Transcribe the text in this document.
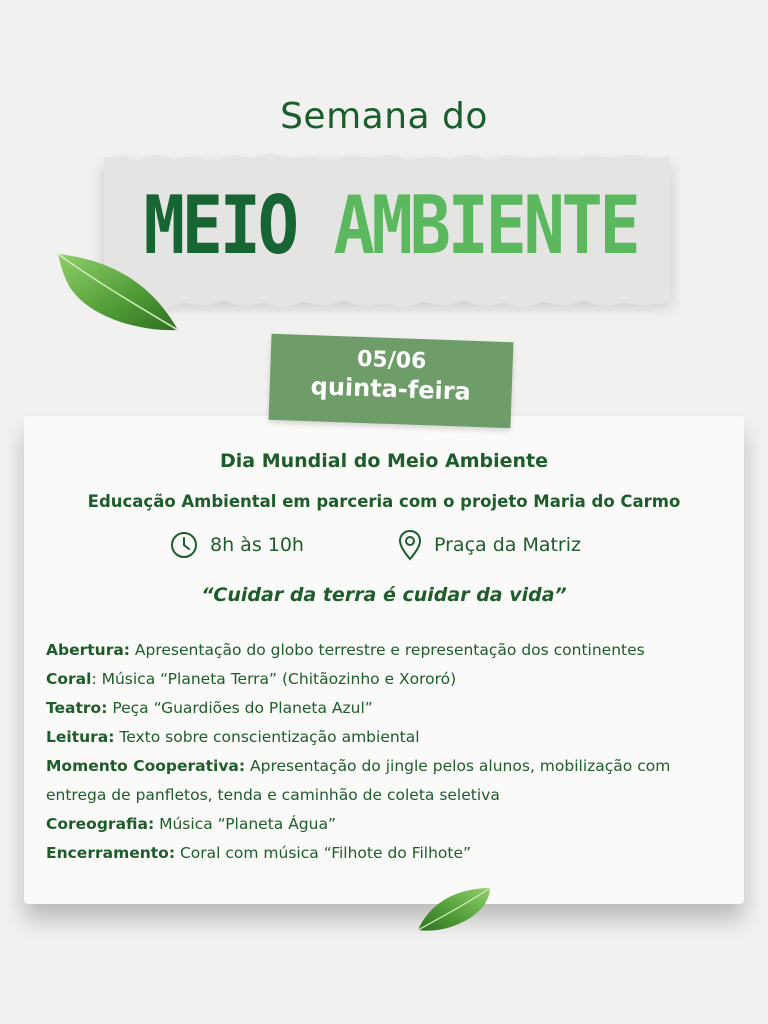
Semana do
MEIO AMBIENTE
05/06
quinta-feira
Dia Mundial do Meio Ambiente
Educação Ambiental em parceria com o projeto Maria do Carmo
8h às 10h	Praça da Matriz
“Cuidar da terra é cuidar da vida”
Abertura: Apresentação do globo terrestre e representação dos continentes
Coral: Música “Planeta Terra” (Chitãozinho e Xororó)
Teatro: Peça “Guardiões do Planeta Azul”
Leitura: Texto sobre conscientização ambiental
Momento Cooperativa: Apresentação do jingle pelos alunos, mobilização com entrega de panfletos, tenda e caminhão de coleta seletiva
Coreografia: Música “Planeta Água”
Encerramento: Coral com música “Filhote do Filhote”
